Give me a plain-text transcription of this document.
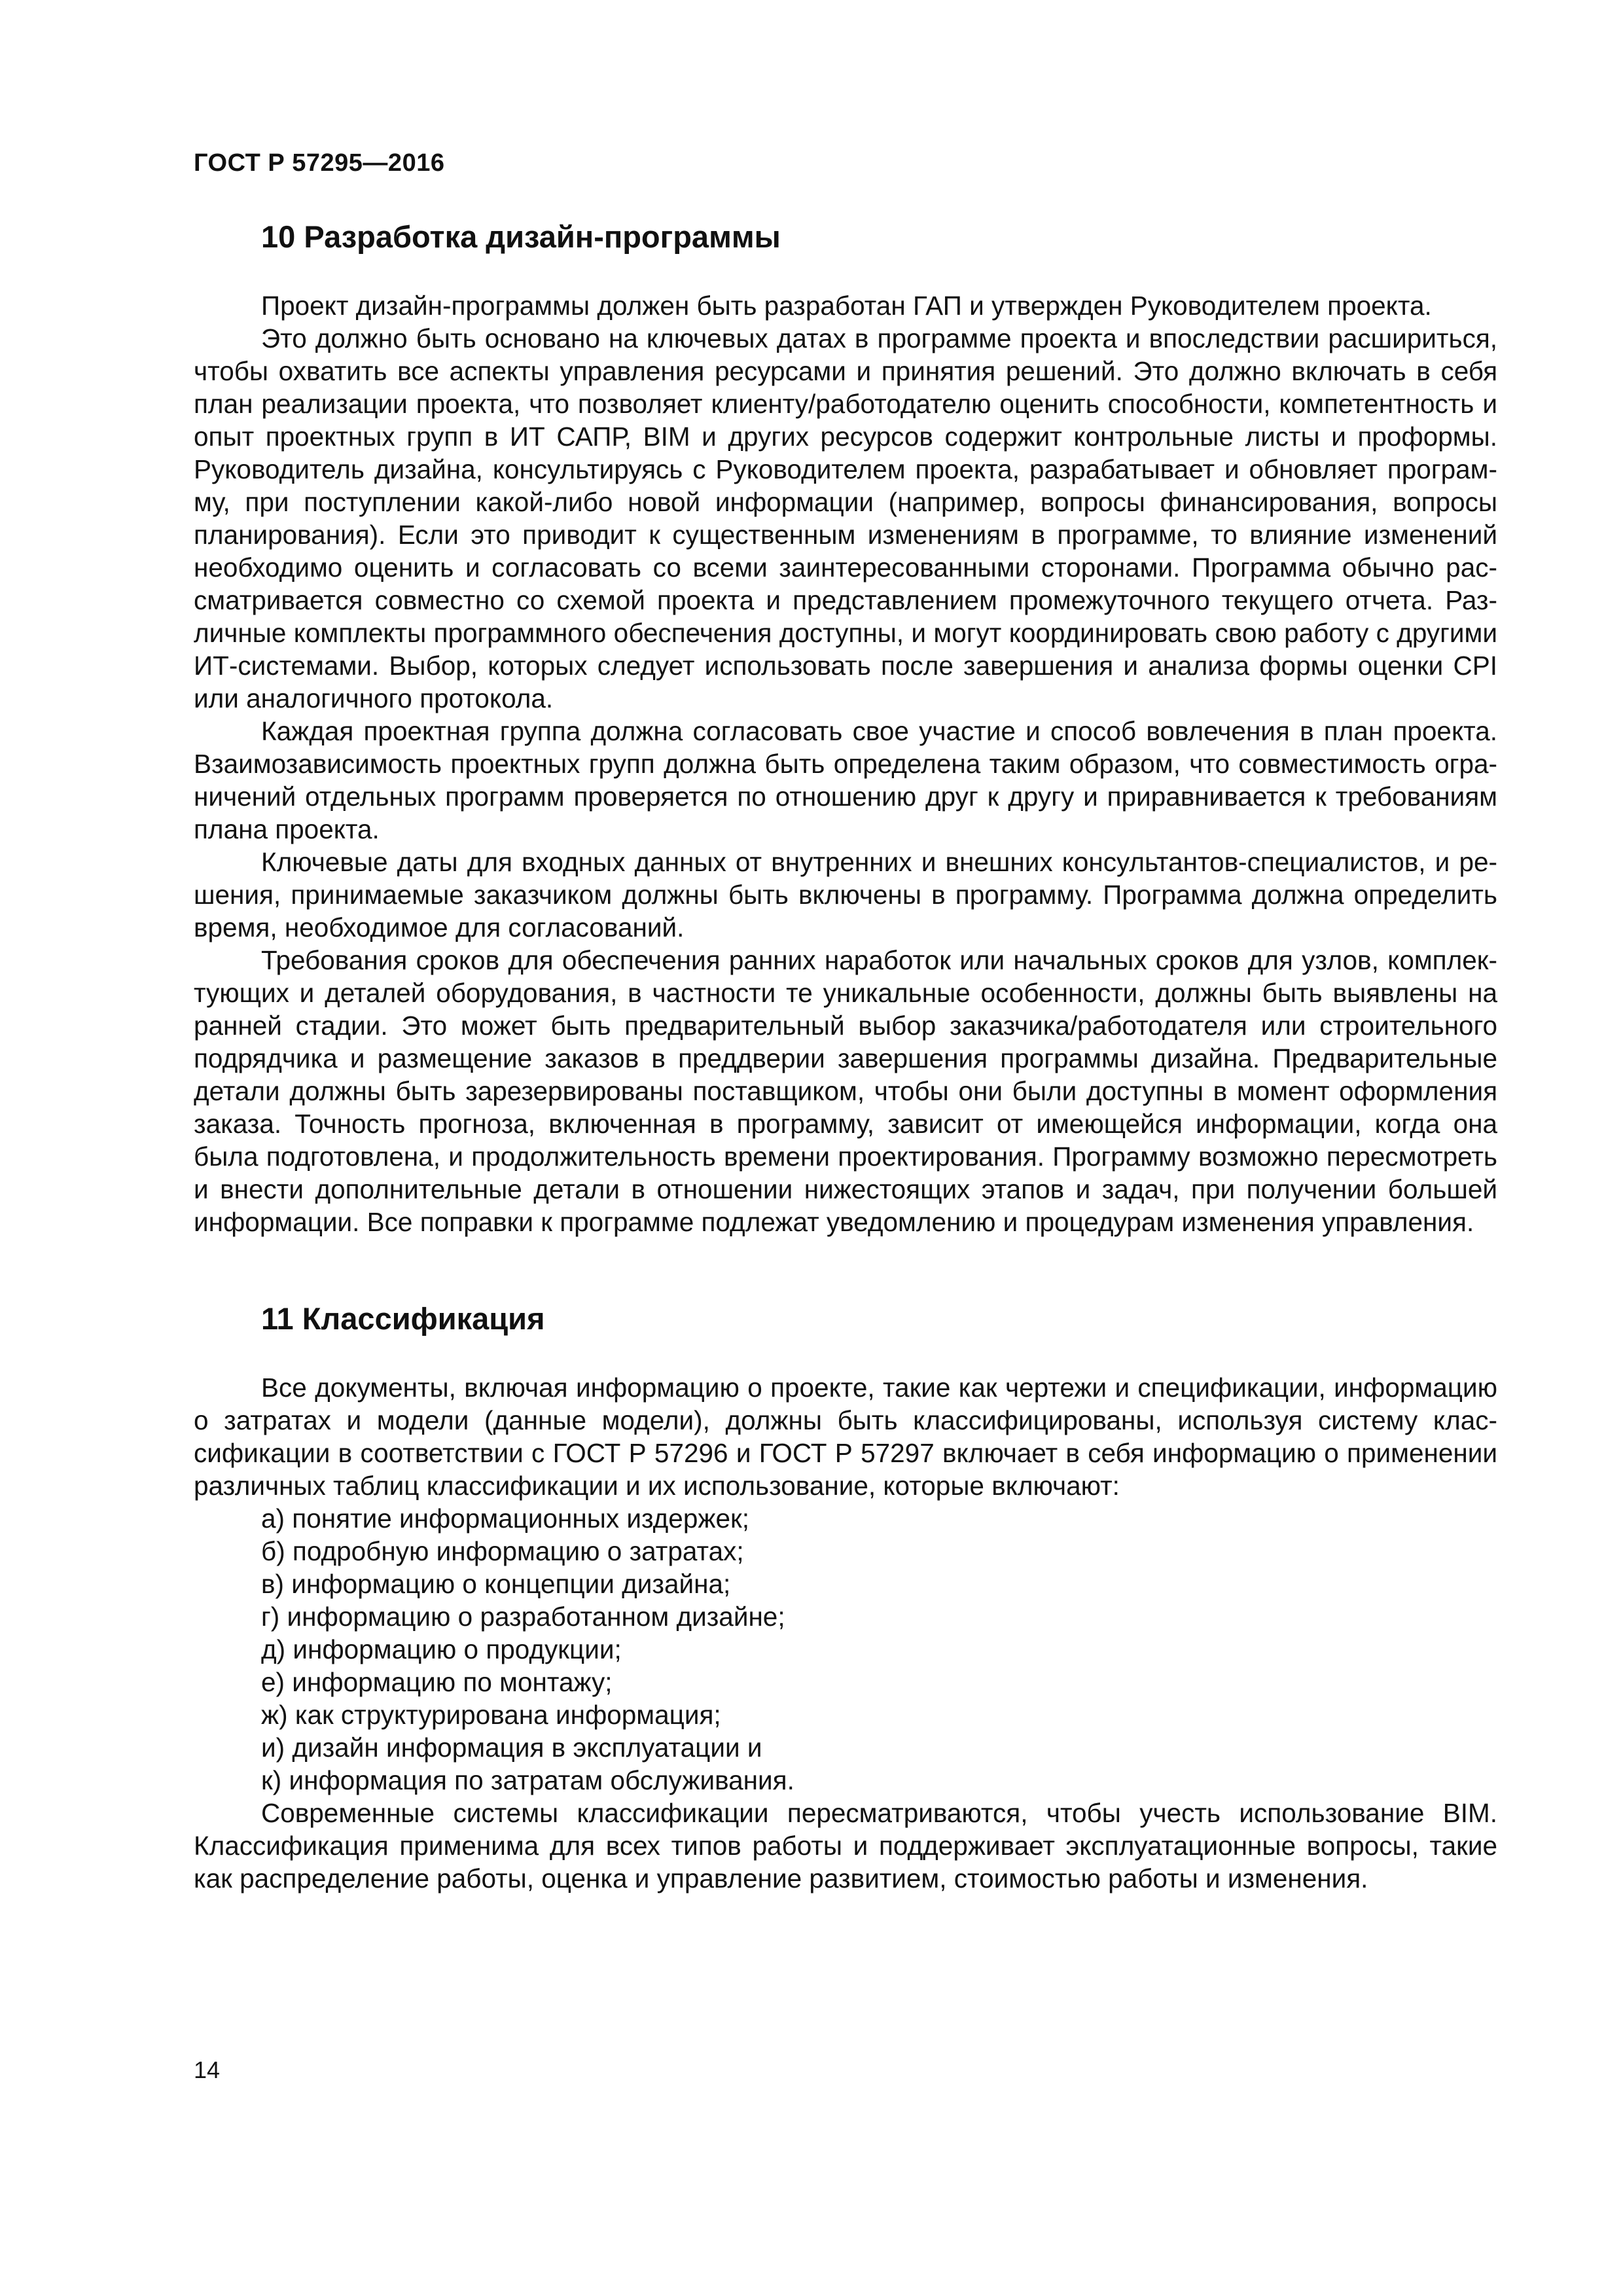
ГОСТ Р 57295—2016
10 Разработка дизайн-программы

Проект дизайн-программы должен быть разработан ГАП и утвержден Руководителем проекта.

Это должно быть основано на ключевых датах в программе проекта и впоследствии расшириться, чтобы охватить все аспекты управления ресурсами и принятия решений. Это должно включать в себя план реализации проекта, что позволяет клиенту/работодателю оценить способности, компетентность и опыт проектных групп в ИТ САПР, BIM и других ресурсов содержит контрольные листы и проформы. Руководитель дизайна, консультируясь с Руководителем проекта, разрабатывает и обновляет программу, при поступлении какой-либо новой информации (например, вопросы финансирования, вопросы планирования). Если это приводит к существенным изменениям в программе, то влияние изменений необходимо оценить и согласовать со всеми заинтересованными сторонами. Программа обычно рассматривается совместно со схемой проекта и представлением промежуточного текущего отчета. Различные комплекты программного обеспечения доступны, и могут координировать свою работу с другими ИТ-системами. Выбор, которых следует использовать после завершения и анализа формы оценки CPI или аналогичного протокола.

Каждая проектная группа должна согласовать свое участие и способ вовлечения в план проекта. Взаимозависимость проектных групп должна быть определена таким образом, что совместимость ограничений отдельных программ проверяется по отношению друг к другу и приравнивается к требованиям плана проекта.

Ключевые даты для входных данных от внутренних и внешних консультантов-специалистов, и решения, принимаемые заказчиком должны быть включены в программу. Программа должна определить время, необходимое для согласований.

Требования сроков для обеспечения ранних наработок или начальных сроков для узлов, комплектующих и деталей оборудования, в частности те уникальные особенности, должны быть выявлены на ранней стадии. Это может быть предварительный выбор заказчика/работодателя или строительного подрядчика и размещение заказов в преддверии завершения программы дизайна. Предварительные детали должны быть зарезервированы поставщиком, чтобы они были доступны в момент оформления заказа. Точность прогноза, включенная в программу, зависит от имеющейся информации, когда она была подготовлена, и продолжительность времени проектирования. Программу возможно пересмотреть и внести дополнительные детали в отношении нижестоящих этапов и задач, при получении большей информации. Все поправки к программе подлежат уведомлению и процедурам изменения управления.

11 Классификация

Все документы, включая информацию о проекте, такие как чертежи и спецификации, информацию о затратах и модели (данные модели), должны быть классифицированы, используя систему классификации в соответствии с ГОСТ Р 57296 и ГОСТ Р 57297 включает в себя информацию о применении различных таблиц классификации и их использование, которые включают:

а) понятие информационных издержек;
б) подробную информацию о затратах;
в) информацию о концепции дизайна;
г) информацию о разработанном дизайне;
д) информацию о продукции;
е) информацию по монтажу;
ж) как структурирована информация;
и) дизайн информация в эксплуатации и
к) информация по затратам обслуживания.

Современные системы классификации пересматриваются, чтобы учесть использование BIM. Классификация применима для всех типов работы и поддерживает эксплуатационные вопросы, такие как распределение работы, оценка и управление развитием, стоимостью работы и изменения.

14
